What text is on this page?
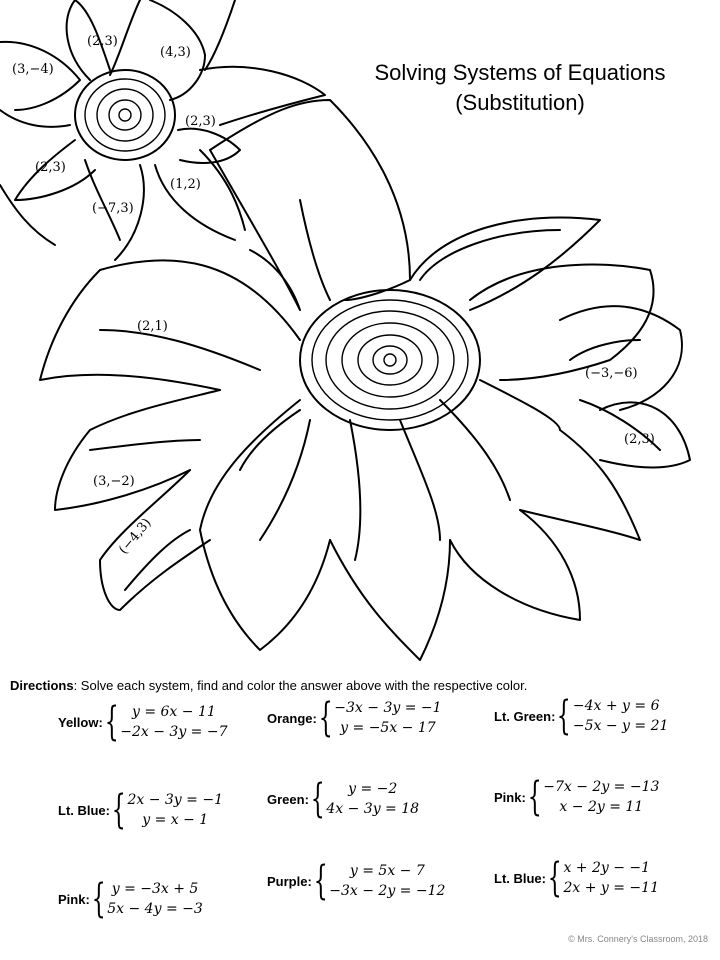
Solving Systems of Equations
(Substitution)
(2,3)
(4,3)
(3,−4)
(2,3)
(2,3)
(1,2)
(−7,3)
(2,1)
(−3,−6)
(2,3)
(3,−2)
(−4,3)
Directions: Solve each system, find and color the answer above with the respective color.
Yellow: { y = 6x − 11
−2x − 3y = −7
Orange: { −3x − 3y = −1
y = −5x − 17
Lt. Green: { −4x + y = 6
−5x − y = 21
Lt. Blue: { 2x − 3y = −1
y = x − 1
Green: {	y = −2
4x − 3y = 18
Pink: { −7x − 2y = −13
x − 2y = 11
Pink: { y = −3x + 5
5x − 4y = −3
Purple: {	y = 5x − 7
−3x − 2y = −12
Lt. Blue: { x + 2y − −1
2x + y = −11
© Mrs. Connery's Classroom, 2018
